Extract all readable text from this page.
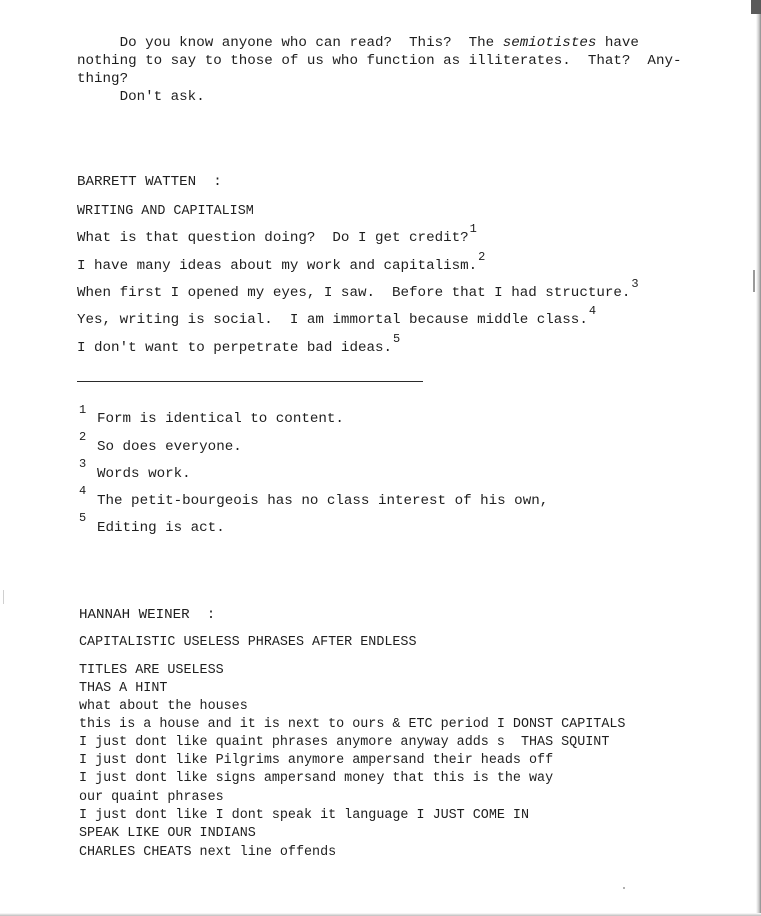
Do you know anyone who can read?  This?  The semiotistes have
nothing to say to those of us who function as illiterates.  That?  Any-
thing?
Don't ask.
BARRETT WATTEN  :
WRITING AND CAPITALISM
What is that question doing?  Do I get credit?$^1$
I have many ideas about my work and capitalism.$^2$
When first I opened my eyes, I saw.  Before that I had structure.$^3$
Yes, writing is social.  I am immortal because middle class.$^4$
I don't want to perpetrate bad ideas.$^5$
1
Form is identical to content.
2
So does everyone.
3
Words work.
4
The petit-bourgeois has no class interest of his own,
5
Editing is act.
HANNAH WEINER  :
CAPITALISTIC USELESS PHRASES AFTER ENDLESS
TITLES ARE USELESS
THAS A HINT
what about the houses
this is a house and it is next to ours & ETC period I DONST CAPITALS
I just dont like quaint phrases anymore anyway adds s  THAS SQUINT
I just dont like Pilgrims anymore ampersand their heads off
I just dont like signs ampersand money that this is the way
our quaint phrases
I just dont like I dont speak it language I JUST COME IN
SPEAK LIKE OUR INDIANS
CHARLES CHEATS next line offends
